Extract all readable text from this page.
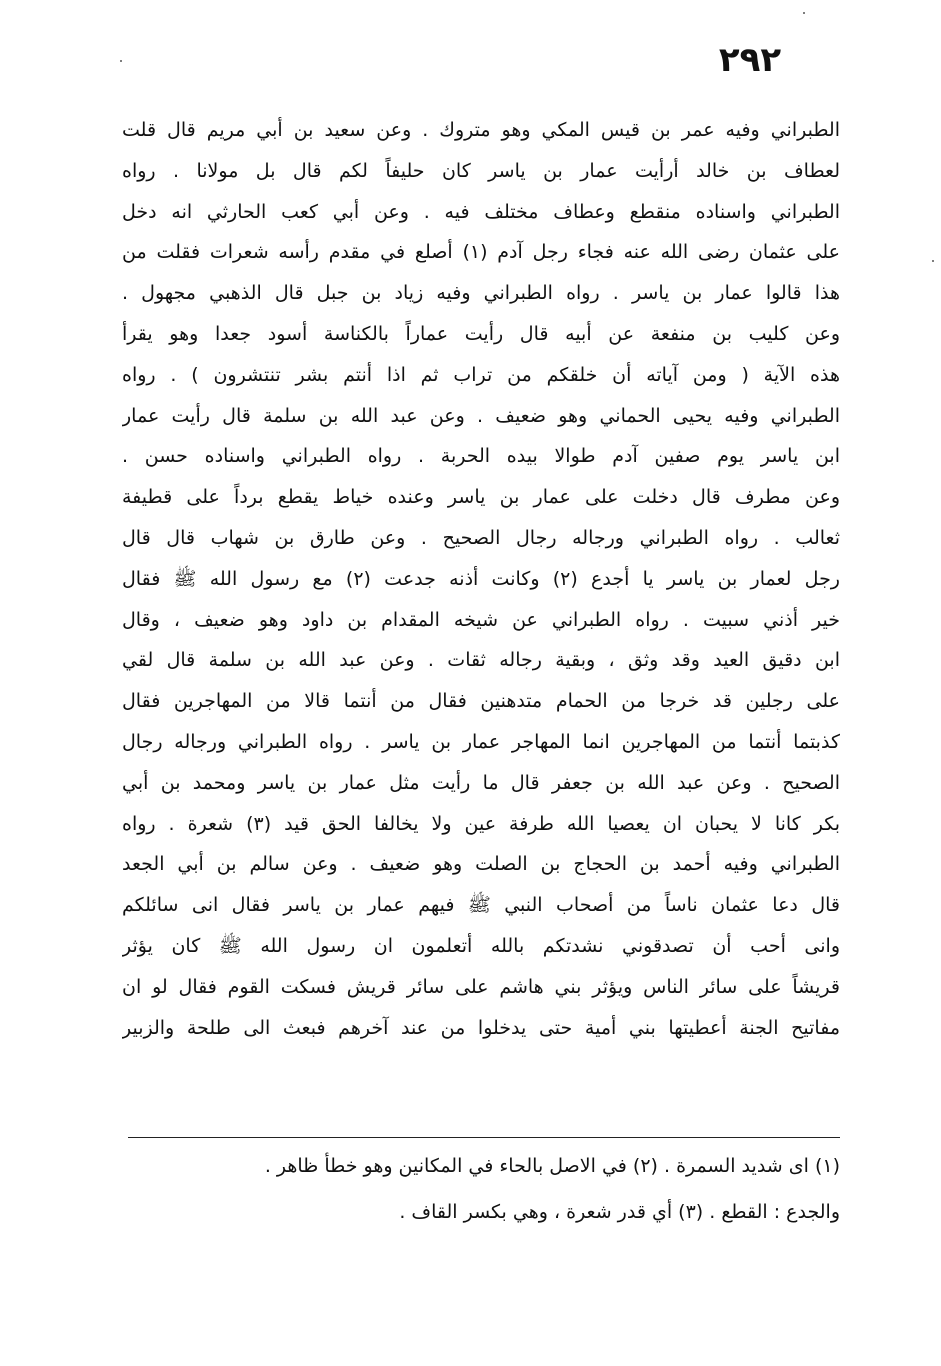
٢٩٢
الطبراني وفيه عمر بن قيس المكي وهو متروك . وعن سعيد بن أبي مريم قال قلت
لعطاف بن خالد أرأيت عمار بن ياسر كان حليفاً لكم قال بل مولانا . رواه
الطبراني واسناده منقطع وعطاف مختلف فيه . وعن أبي كعب الحارثي انه دخل
على عثمان رضى الله عنه فجاء رجل آدم (١) أصلع في مقدم رأسه شعرات فقلت من
هذا قالوا عمار بن ياسر . رواه الطبراني وفيه زياد بن جبل قال الذهبي مجهول .
وعن كليب بن منفعة عن أبيه قال رأيت عماراً بالكناسة أسود جعدا وهو يقرأ
هذه الآية ( ومن آياته أن خلقكم من تراب ثم اذا أنتم بشر تنتشرون ) . رواه
الطبراني وفيه يحيى الحماني وهو ضعيف . وعن عبد الله بن سلمة قال رأيت عمار
ابن ياسر يوم صفين آدم طوالا بيده الحربة . رواه الطبراني واسناده حسن .
وعن مطرف قال دخلت على عمار بن ياسر وعنده خياط يقطع برداً على قطيفة
ثعالب . رواه الطبراني ورجاله رجال الصحيح . وعن طارق بن شهاب قال قال
رجل لعمار بن ياسر يا أجدع (٢) وكانت أذنه جدعت (٢) مع رسول الله ﷺ فقال
خير أذني سبيت . رواه الطبراني عن شيخه المقدام بن داود وهو ضعيف ، وقال
ابن دقيق العيد وقد وثق ، وبقية رجاله ثقات . وعن عبد الله بن سلمة قال لقي
على رجلين قد خرجا من الحمام متدهنين فقال من أنتما قالا من المهاجرين فقال
كذبتما أنتما من المهاجرين انما المهاجر عمار بن ياسر . رواه الطبراني ورجاله رجال
الصحيح . وعن عبد الله بن جعفر قال ما رأيت مثل عمار بن ياسر ومحمد بن أبي
بكر كانا لا يحبان ان يعصيا الله طرفة عين ولا يخالفا الحق قيد (٣) شعرة . رواه
الطبراني وفيه أحمد بن الحجاج بن الصلت وهو ضعيف . وعن سالم بن أبي الجعد
قال دعا عثمان ناساً من أصحاب النبي ﷺ فيهم عمار بن ياسر فقال انى سائلكم
وانى أحب أن تصدقوني نشدتكم بالله أتعلمون ان رسول الله ﷺ كان يؤثر
قريشاً على سائر الناس ويؤثر بني هاشم على سائر قريش فسكت القوم فقال لو ان
مفاتيح الجنة أعطيتها بني أمية حتى يدخلوا من عند آخرهم فبعث الى طلحة والزبير
(١) اى شديد السمرة . (٢) في الاصل بالحاء في المكانين وهو خطأ ظاهر .
والجدع : القطع . (٣) أي قدر شعرة ، وهي بكسر القاف .
